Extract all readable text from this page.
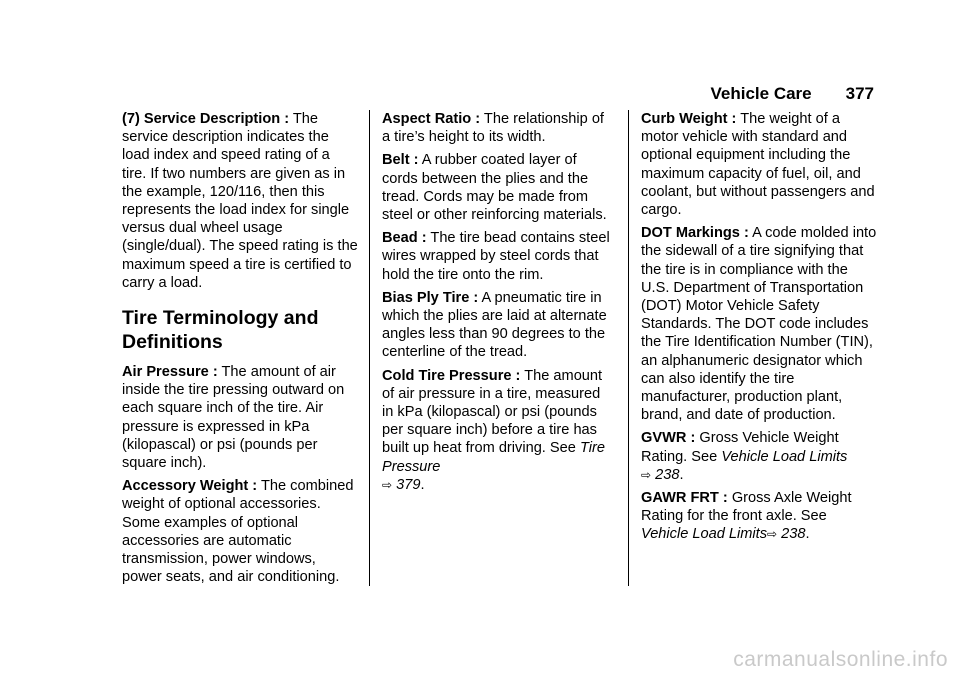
Vehicle Care 377

(7) Service Description : The service description indicates the load index and speed rating of a tire. If two numbers are given as in the example, 120/116, then this represents the load index for single versus dual wheel usage (single/dual). The speed rating is the maximum speed a tire is certified to carry a load.

Tire Terminology and
Definitions

Air Pressure : The amount of air inside the tire pressing outward on each square inch of the tire. Air pressure is expressed in kPa (kilopascal) or psi (pounds per square inch).

Accessory Weight : The combined weight of optional accessories. Some examples of optional accessories are automatic transmission, power windows, power seats, and air conditioning.

Aspect Ratio : The relationship of a tire’s height to its width.

Belt : A rubber coated layer of cords between the plies and the tread. Cords may be made from steel or other reinforcing materials.

Bead : The tire bead contains steel wires wrapped by steel cords that hold the tire onto the rim.

Bias Ply Tire : A pneumatic tire in which the plies are laid at alternate angles less than 90 degrees to the centerline of the tread.

Cold Tire Pressure : The amount of air pressure in a tire, measured in kPa (kilopascal) or psi (pounds per square inch) before a tire has built up heat from driving. See Tire Pressure
⇨ 379.

Curb Weight : The weight of a motor vehicle with standard and optional equipment including the maximum capacity of fuel, oil, and coolant, but without passengers and cargo.

DOT Markings : A code molded into the sidewall of a tire signifying that the tire is in compliance with the U.S. Department of Transportation (DOT) Motor Vehicle Safety Standards. The DOT code includes the Tire Identification Number (TIN), an alphanumeric designator which can also identify the tire manufacturer, production plant, brand, and date of production.

GVWR : Gross Vehicle Weight Rating. See Vehicle Load Limits
⇨ 238.

GAWR FRT : Gross Axle Weight Rating for the front axle. See Vehicle Load Limits⇨ 238.

carmanualsonline.info
